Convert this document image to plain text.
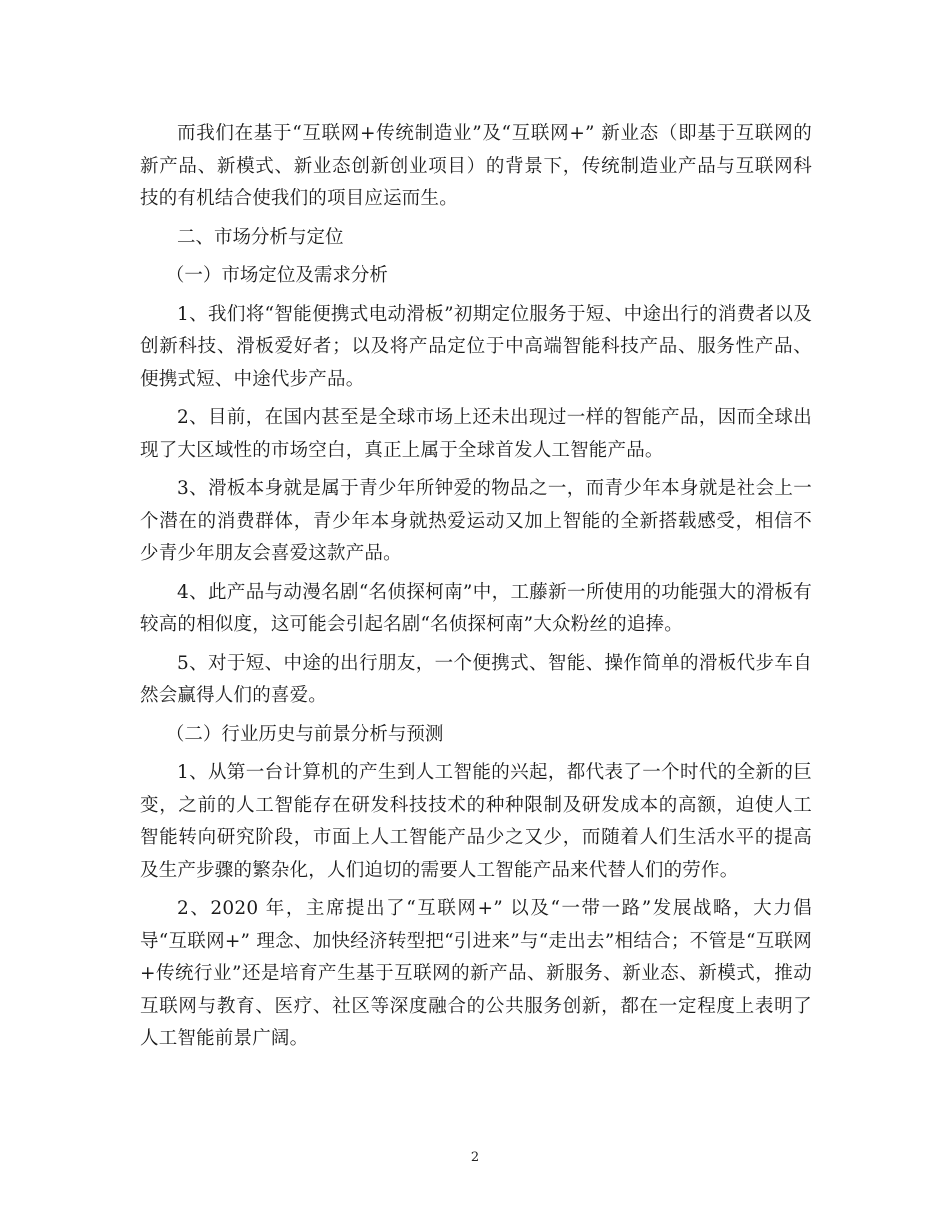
而我们在基于“互联网+传统制造业”及“互联网+” 新业态（即基于互联网的新产品、新模式、新业态创新创业项目）的背景下，传统制造业产品与互联网科技的有机结合使我们的项目应运而生。

二、市场分析与定位

（一）市场定位及需求分析

1、我们将“智能便携式电动滑板”初期定位服务于短、中途出行的消费者以及创新科技、滑板爱好者；以及将产品定位于中高端智能科技产品、服务性产品、便携式短、中途代步产品。

2、目前，在国内甚至是全球市场上还未出现过一样的智能产品，因而全球出现了大区域性的市场空白，真正上属于全球首发人工智能产品。

3、滑板本身就是属于青少年所钟爱的物品之一，而青少年本身就是社会上一个潜在的消费群体，青少年本身就热爱运动又加上智能的全新搭载感受，相信不少青少年朋友会喜爱这款产品。

4、此产品与动漫名剧“名侦探柯南”中，工藤新一所使用的功能强大的滑板有较高的相似度，这可能会引起名剧“名侦探柯南”大众粉丝的追捧。

5、对于短、中途的出行朋友，一个便携式、智能、操作简单的滑板代步车自然会赢得人们的喜爱。

（二）行业历史与前景分析与预测

1、从第一台计算机的产生到人工智能的兴起，都代表了一个时代的全新的巨变，之前的人工智能存在研发科技技术的种种限制及研发成本的高额，迫使人工智能转向研究阶段，市面上人工智能产品少之又少，而随着人们生活水平的提高及生产步骤的繁杂化，人们迫切的需要人工智能产品来代替人们的劳作。

2、2020 年，主席提出了“互联网+” 以及“一带一路”发展战略，大力倡导“互联网+” 理念、加快经济转型把“引进来”与“走出去”相结合；不管是“互联网+传统行业”还是培育产生基于互联网的新产品、新服务、新业态、新模式，推动互联网与教育、医疗、社区等深度融合的公共服务创新，都在一定程度上表明了人工智能前景广阔。

2
